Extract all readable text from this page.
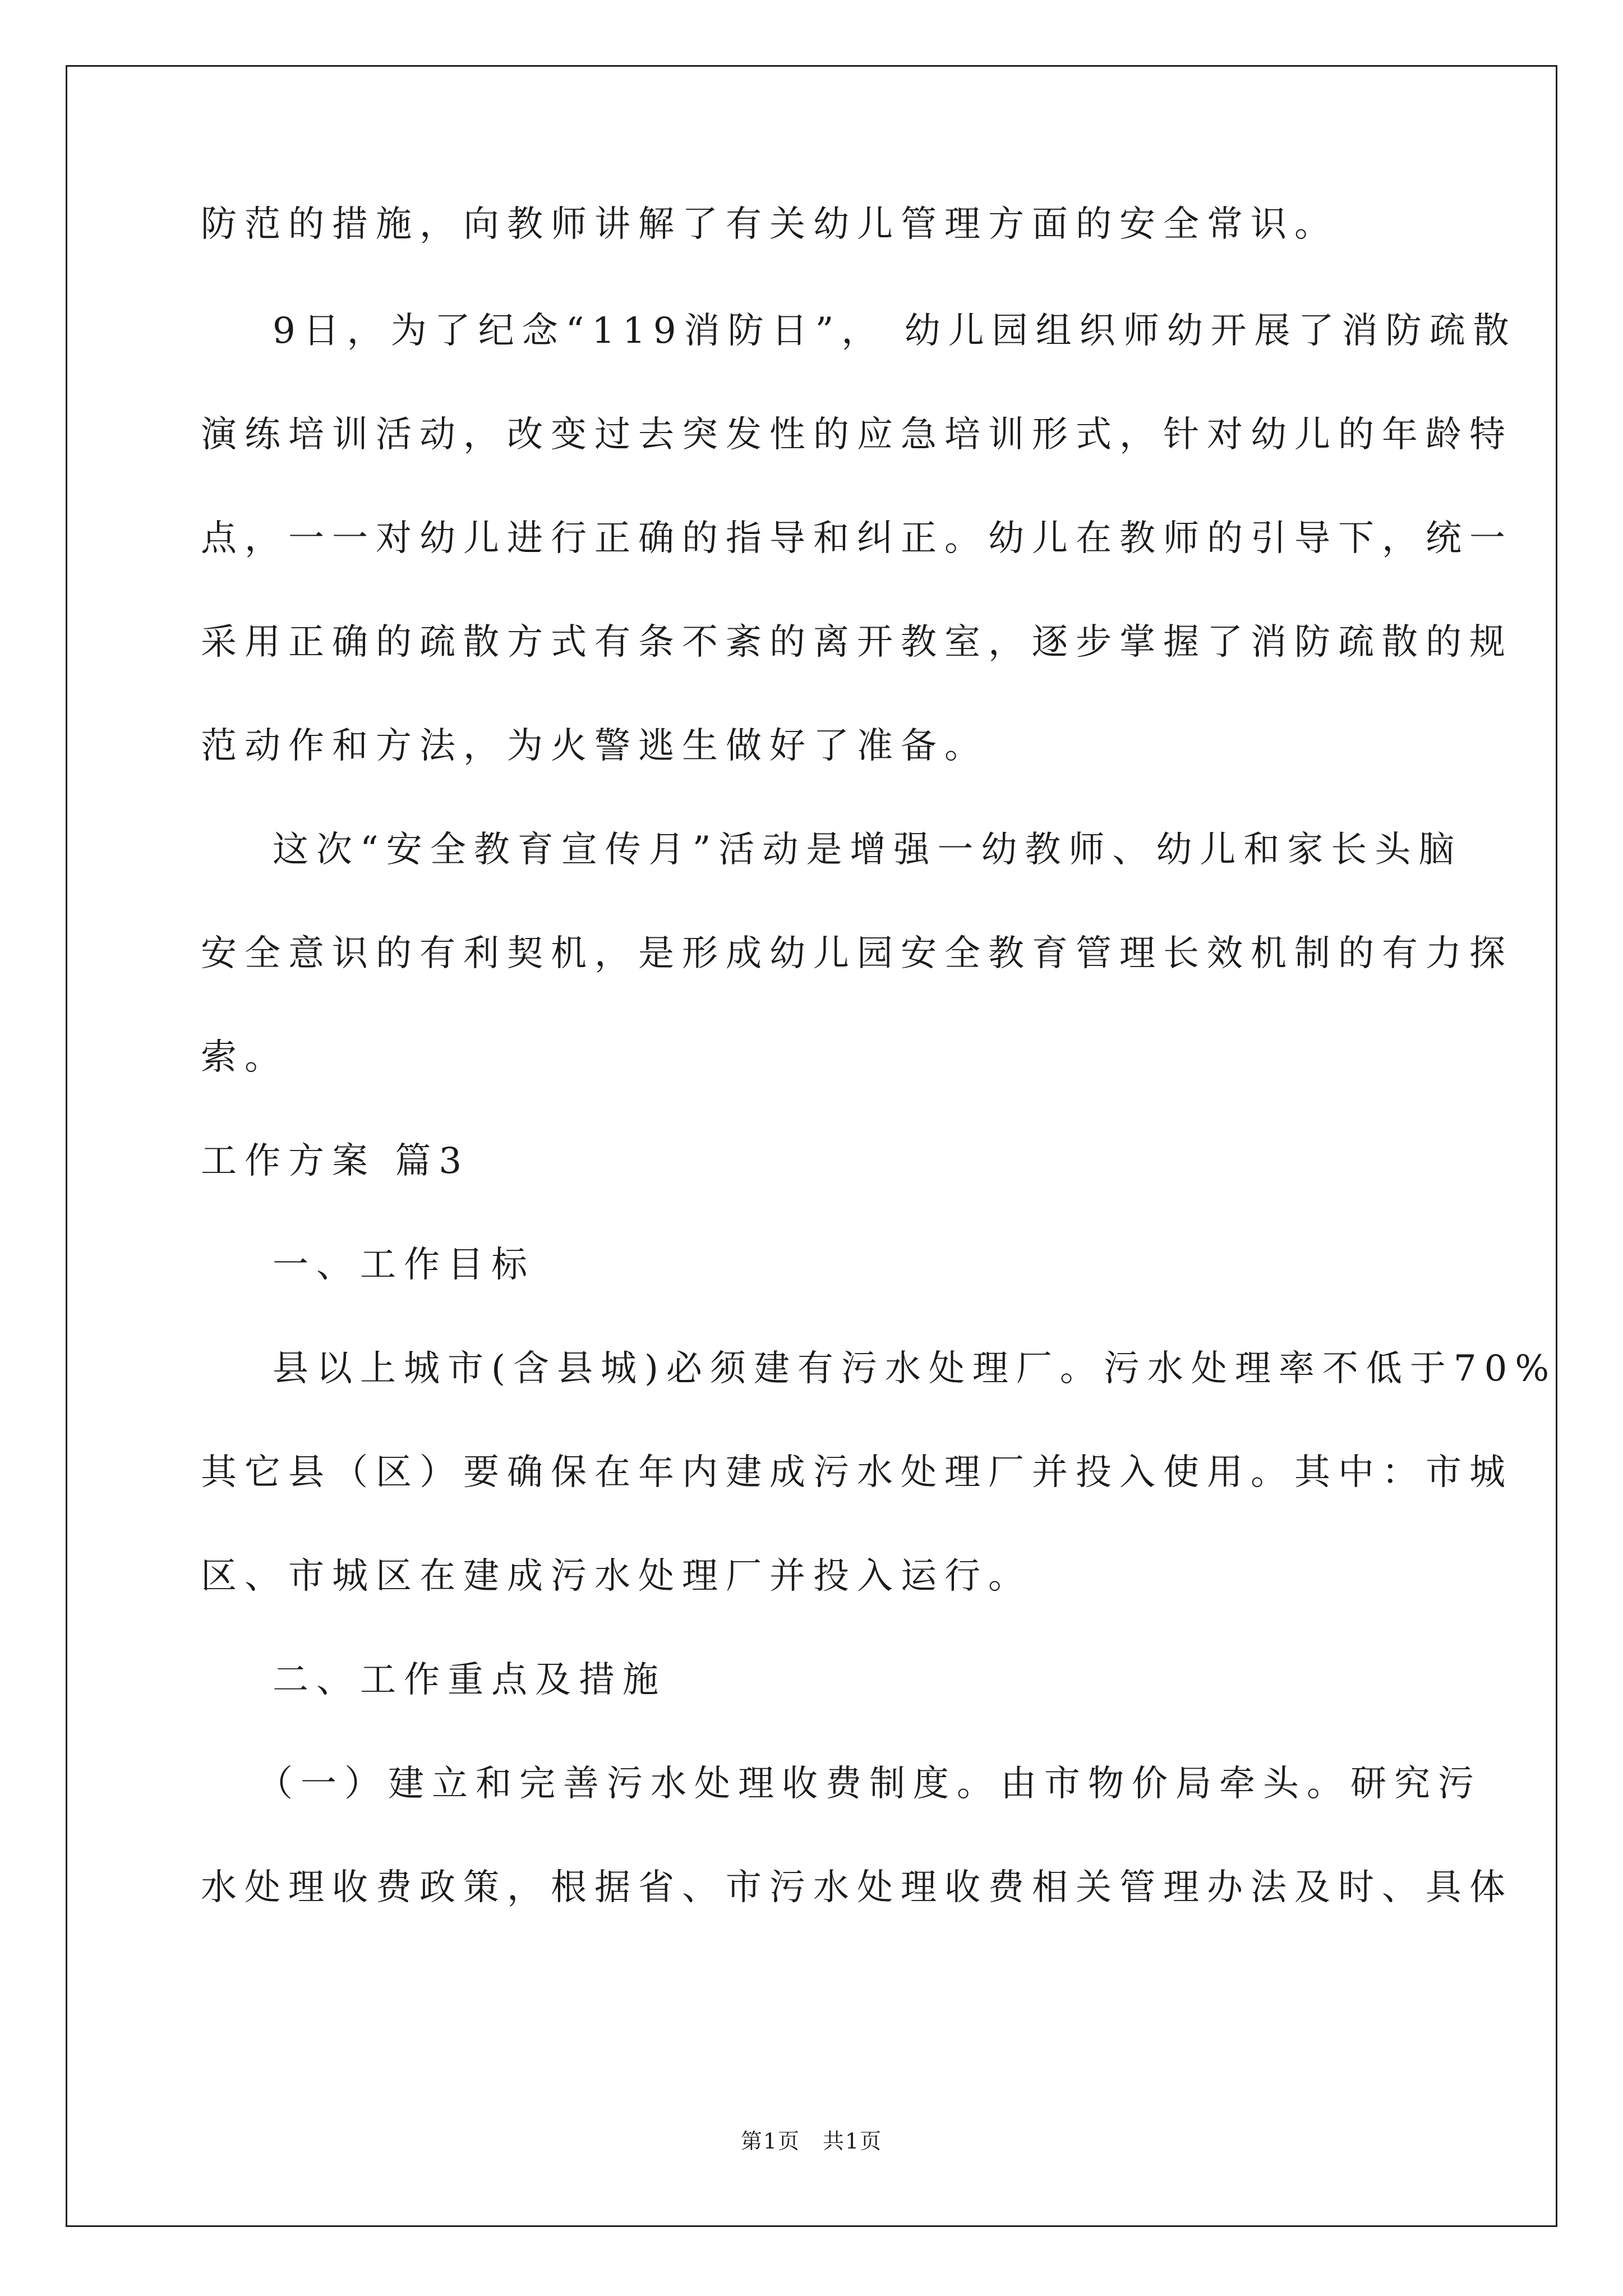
防范的措施，向教师讲解了有关幼儿管理方面的安全常识。
9日，为了纪念“119消防日”， 幼儿园组织师幼开展了消防疏散
演练培训活动，改变过去突发性的应急培训形式，针对幼儿的年龄特
点，一一对幼儿进行正确的指导和纠正。幼儿在教师的引导下，统一
采用正确的疏散方式有条不紊的离开教室，逐步掌握了消防疏散的规
范动作和方法，为火警逃生做好了准备。
这次“安全教育宣传月”活动是增强一幼教师、幼儿和家长头脑
安全意识的有利契机，是形成幼儿园安全教育管理长效机制的有力探
索。
工作方案 篇3
一、工作目标
县以上城市(含县城)必须建有污水处理厂。污水处理率不低于70%
其它县（区）要确保在年内建成污水处理厂并投入使用。其中：市城
区、市城区在建成污水处理厂并投入运行。
二、工作重点及措施
（一）建立和完善污水处理收费制度。由市物价局牵头。研究污
水处理收费政策，根据省、市污水处理收费相关管理办法及时、具体
第1页　共1页
